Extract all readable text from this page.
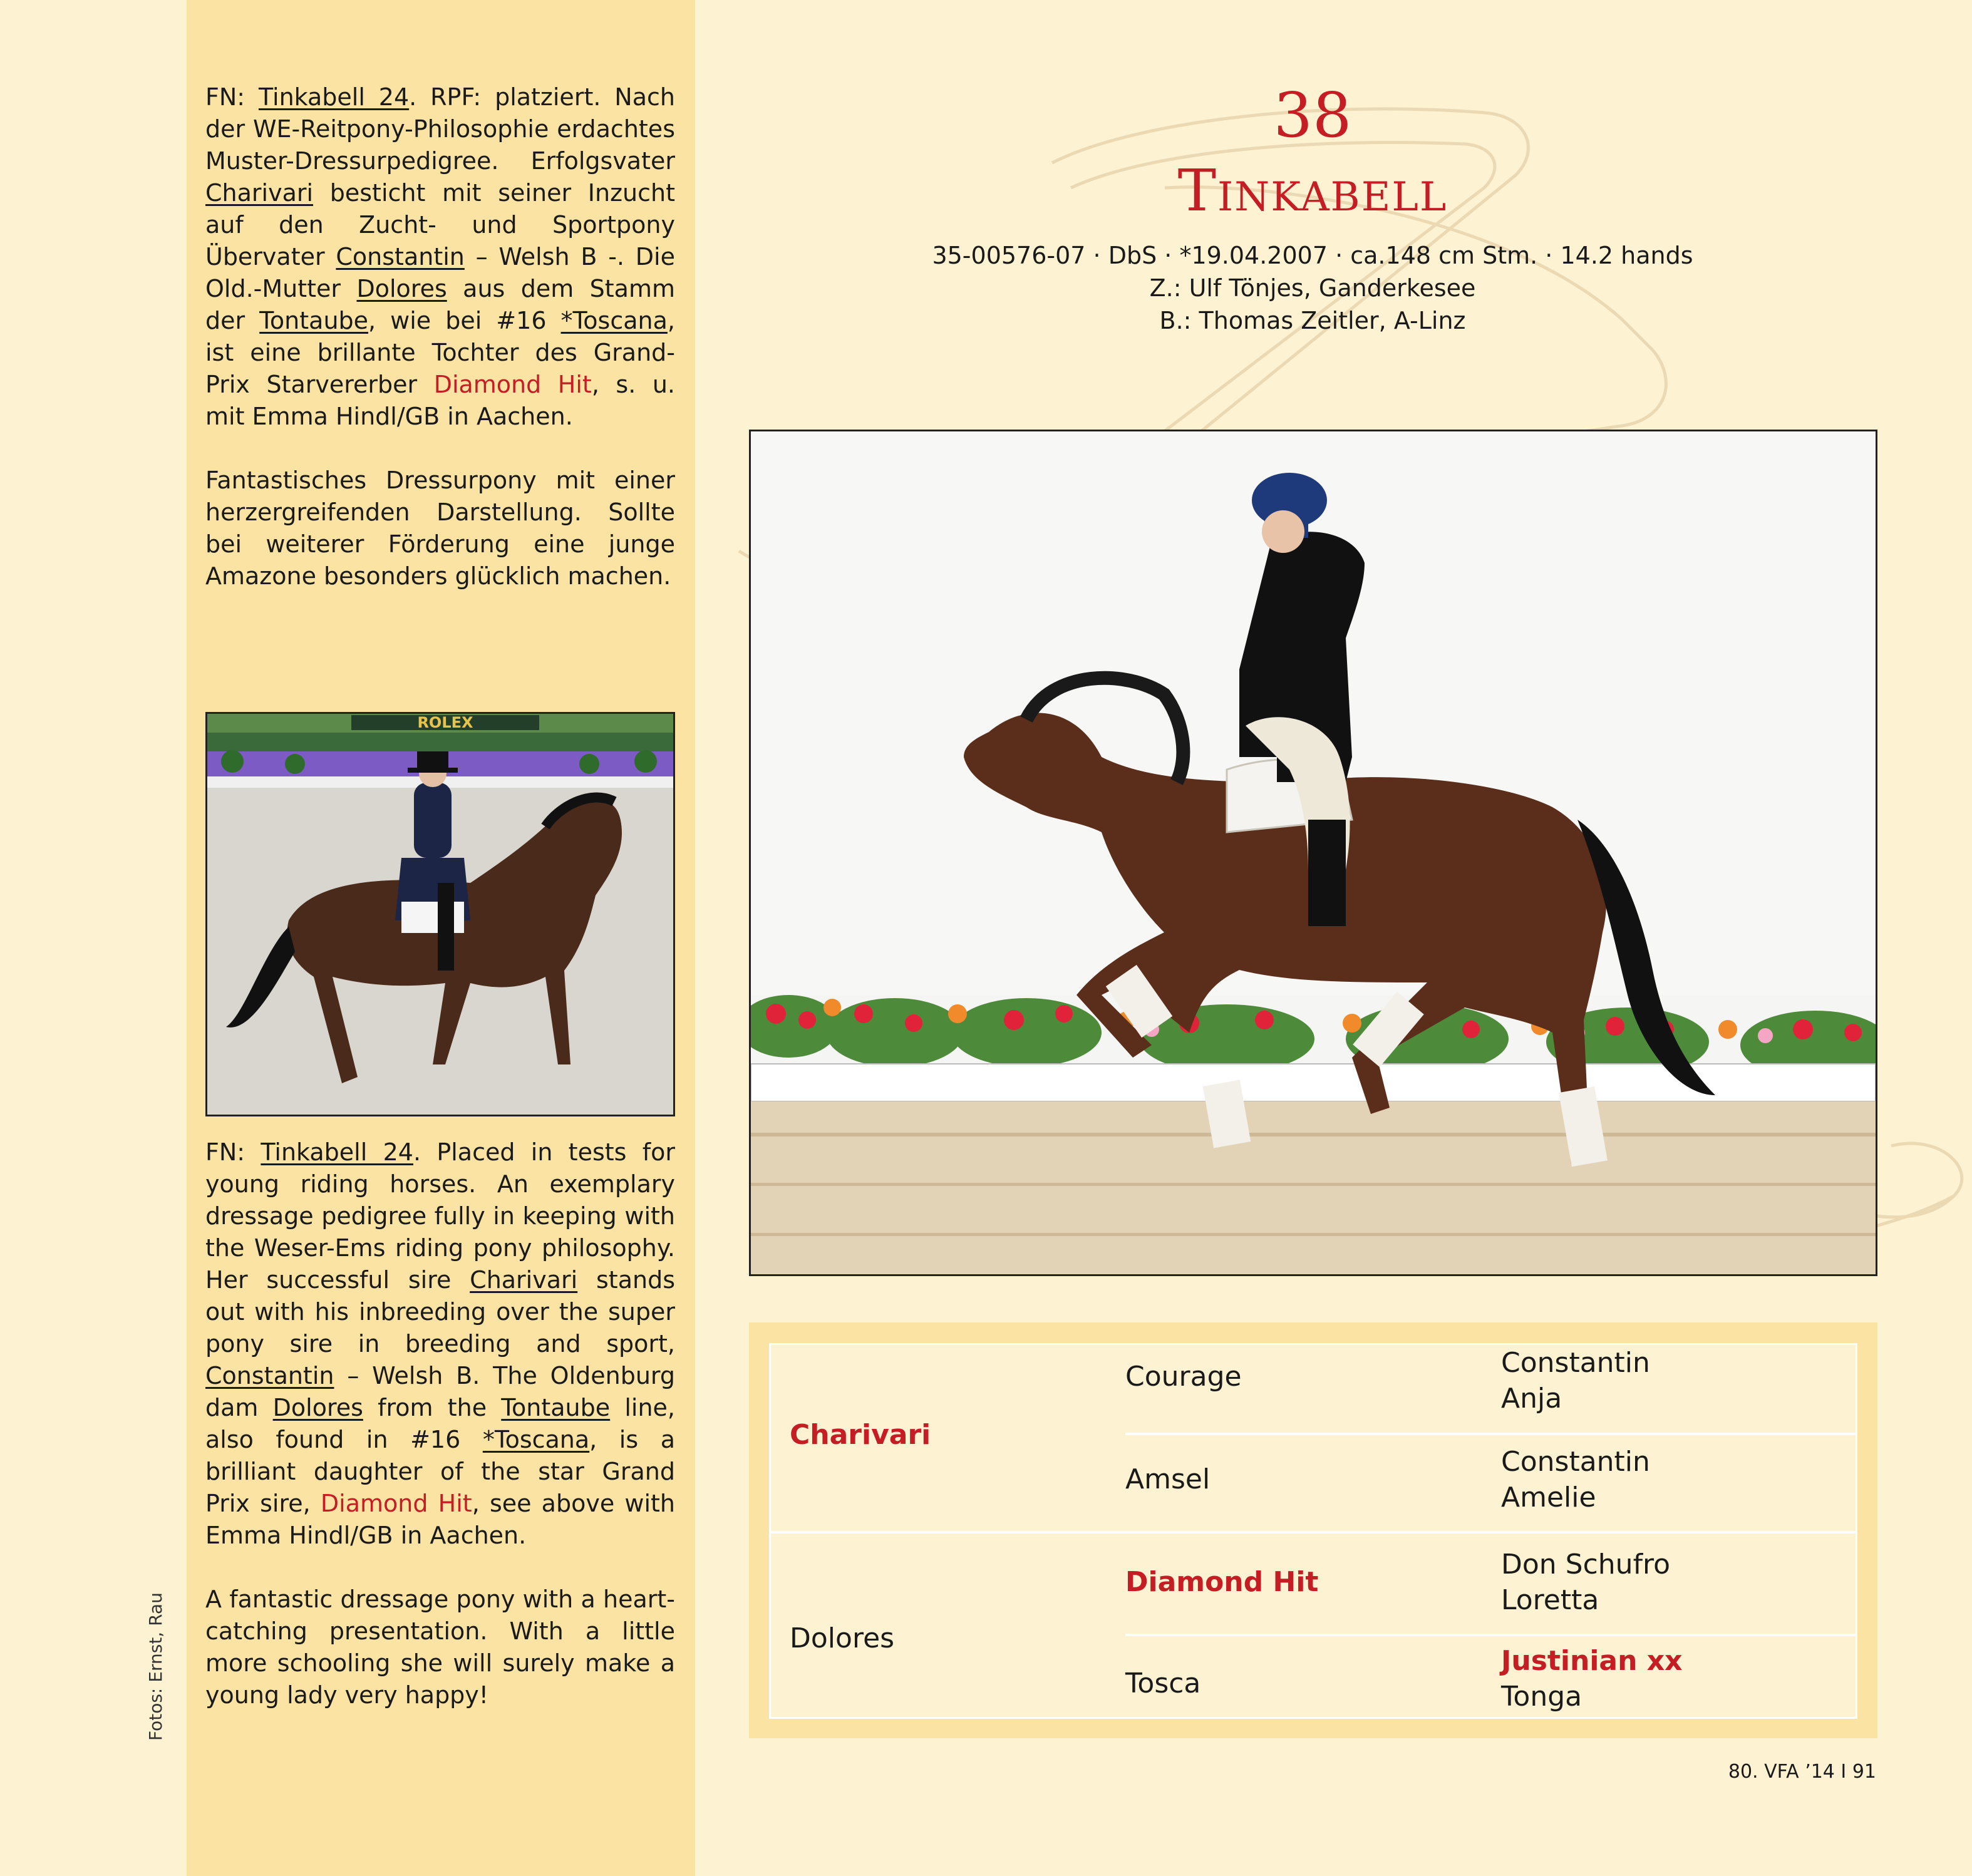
FN: Tinkabell 24. RPF: platziert. Nach der WE-Reitpony-Philosophie erdachtes Muster-Dressurpedigree. Erfolgsvater Charivari besticht mit seiner Inzucht auf den Zucht- und Sportpony Übervater Constantin – Welsh B -. Die Old.-Mutter Dolores aus dem Stamm der Tontaube, wie bei #16 *Toscana, ist eine brillante Tochter des Grand-Prix Starvererber Diamond Hit, s. u. mit Emma Hindl/GB in Aachen.

Fantastisches Dressurpony mit einer herzergreifenden Darstellung. Sollte bei weiterer Förderung eine junge Amazone besonders glücklich machen.

ROLEX

FN: Tinkabell 24. Placed in tests for young riding horses. An exemplary dressage pedigree fully in keeping with the Weser-Ems riding pony philosophy. Her successful sire Charivari stands out with his inbreeding over the super pony sire in breeding and sport, Constantin – Welsh B. The Oldenburg dam Dolores from the Tontaube line, also found in #16 *Toscana, is a brilliant daughter of the star Grand Prix sire, Diamond Hit, see above with Emma Hindl/GB in Aachen.

A fantastic dressage pony with a heart-catching presentation. With a little more schooling she will surely make a young lady very happy!

Fotos: Ernst, Rau
38
Tinkabell
35-00576-07 · DbS · *19.04.2007 · ca.148 cm Stm. · 14.2 hands
Z.: Ulf Tönjes, Ganderkesee
B.: Thomas Zeitler, A-Linz
Charivari
Dolores
Courage
Amsel
Diamond Hit
Tosca
Constantin
Anja
Constantin
Amelie
Don Schufro
Loretta
Justinian xx
Tonga
80. VFA ’14 I 91
